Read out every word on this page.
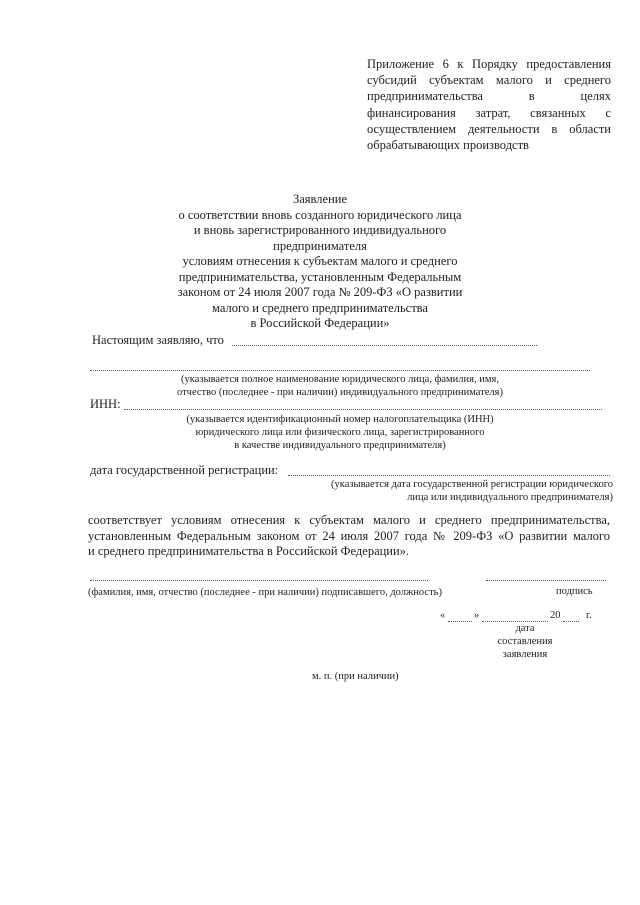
Приложение 6 к Порядку предоставления
субсидий субъектам малого и среднего
предпринимательства в целях
финансирования затрат, связанных с
осуществлением деятельности в области
обрабатывающих производств
Заявление
о соответствии вновь созданного юридического лица
и вновь зарегистрированного индивидуального предпринимателя
условиям отнесения к субъектам малого и среднего
предпринимательства, установленным Федеральным
законом от 24 июля 2007 года № 209-ФЗ «О развитии
малого и среднего предпринимательства
в Российской Федерации»
Настоящим заявляю, что
(указывается полное наименование юридического лица, фамилия, имя,
отчество (последнее - при наличии) индивидуального предпринимателя)
ИНН:
(указывается идентификационный номер налогоплательщика (ИНН)
юридического лица или физического лица, зарегистрированного
в качестве индивидуального предпринимателя)
дата государственной регистрации:
(указывается дата государственной регистрации юридического
лица или индивидуального предпринимателя)
соответствует условиям отнесения к субъектам малого и среднего предпринимательства,
установленным Федеральным законом от 24 июля 2007 года № 209-ФЗ «О развитии малого
и среднего предпринимательства в Российской Федерации».
(фамилия, имя, отчество (последнее - при наличии) подписавшего, должность)	подпись
«	»	20 г.
дата
составления
заявления
м. п. (при наличии)
